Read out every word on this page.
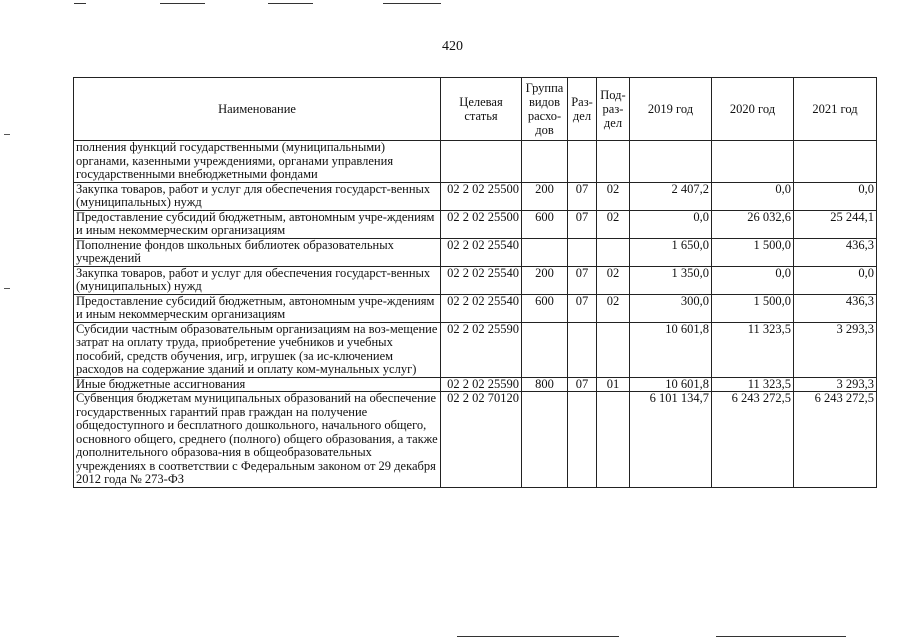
420
Наименование	Целевая статья	Группа видов расхо-дов	Раз-дел	Под-раз-дел	2019 год	2020 год	2021 год
полнения функций государственными (муниципальными) органами, казенными учреждениями, органами управления государственными внебюджетными фондами							
Закупка товаров, работ и услуг для обеспечения государст-венных (муниципальных) нужд	02 2 02 25500	200	07	02	2 407,2	0,0	0,0
Предоставление субсидий бюджетным, автономным учре-ждениям и иным некоммерческим организациям	02 2 02 25500	600	07	02	0,0	26 032,6	25 244,1
Пополнение фондов школьных библиотек образовательных учреждений	02 2 02 25540				1 650,0	1 500,0	436,3
Закупка товаров, работ и услуг для обеспечения государст-венных (муниципальных) нужд	02 2 02 25540	200	07	02	1 350,0	0,0	0,0
Предоставление субсидий бюджетным, автономным учре-ждениям и иным некоммерческим организациям	02 2 02 25540	600	07	02	300,0	1 500,0	436,3
Субсидии частным образовательным организациям на воз-мещение затрат на оплату труда, приобретение учебников и учебных пособий, средств обучения, игр, игрушек (за ис-ключением расходов на содержание зданий и оплату ком-мунальных услуг)	02 2 02 25590				10 601,8	11 323,5	3 293,3
Иные бюджетные ассигнования	02 2 02 25590	800	07	01	10 601,8	11 323,5	3 293,3
Субвенция бюджетам муниципальных образований на обеспечение государственных гарантий прав граждан на получение общедоступного и бесплатного дошкольного, начального общего, основного общего, среднего (полного) общего образования, а также дополнительного образова-ния в общеобразовательных учреждениях в соответствии с Федеральным законом от 29 декабря 2012 года № 273-ФЗ	02 2 02 70120				6 101 134,7	6 243 272,5	6 243 272,5
